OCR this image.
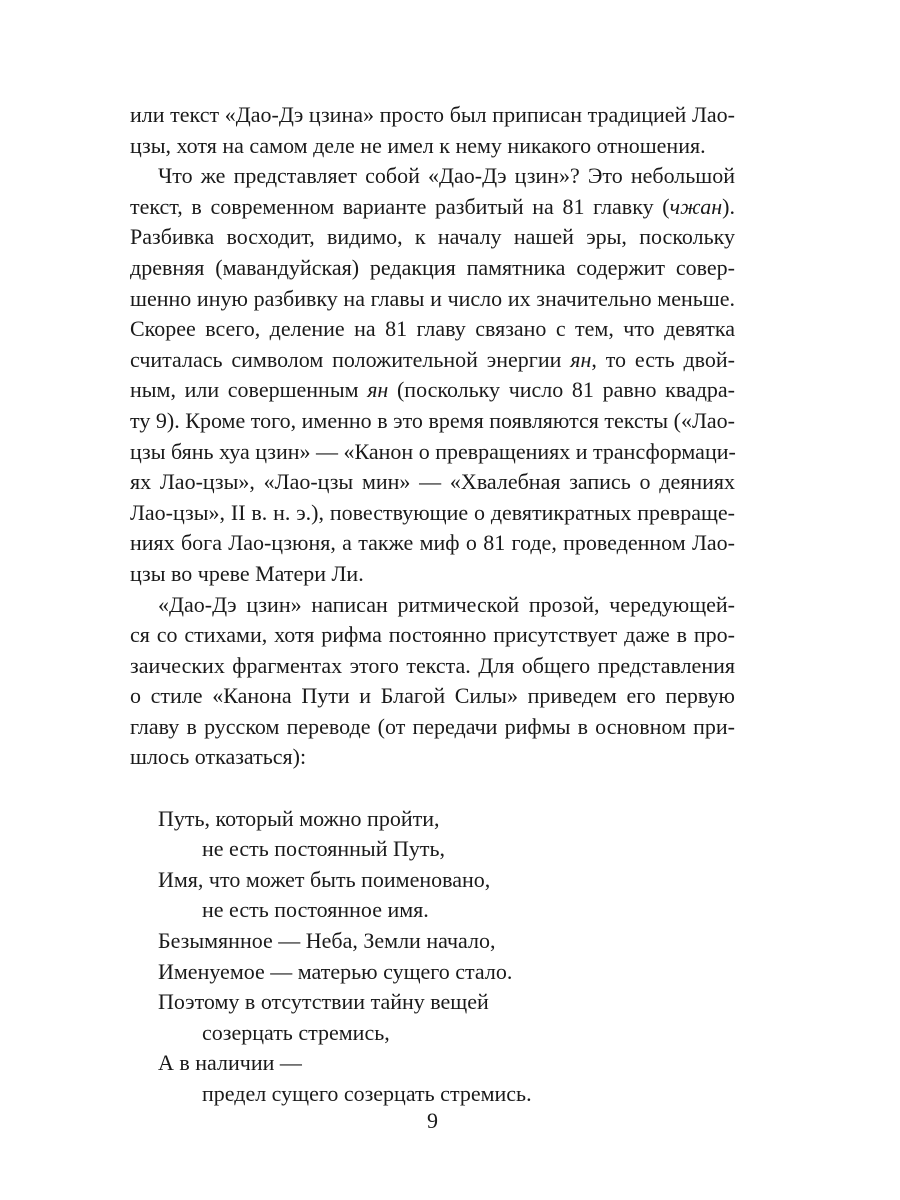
или текст «Дао-Дэ цзина» просто был приписан традицией Лао-
цзы, хотя на самом деле не имел к нему никакого отношения.
Что же представляет собой «Дао-Дэ цзин»? Это небольшой
текст, в современном варианте разбитый на 81 главку (чжан).
Разбивка восходит, видимо, к началу нашей эры, поскольку
древняя (мавандуйская) редакция памятника содержит совер-
шенно иную разбивку на главы и число их значительно меньше.
Скорее всего, деление на 81 главу связано с тем, что девятка
считалась символом положительной энергии ян, то есть двой-
ным, или совершенным ян (поскольку число 81 равно квадра-
ту 9). Кроме того, именно в это время появляются тексты («Лао-
цзы бянь хуа цзин» — «Канон о превращениях и трансформаци-
ях Лао-цзы», «Лао-цзы мин» — «Хвалебная запись о деяниях
Лао-цзы», II в. н. э.), повествующие о девятикратных превраще-
ниях бога Лао-цзюня, а также миф о 81 годе, проведенном Лао-
цзы во чреве Матери Ли.
«Дао-Дэ цзин» написан ритмической прозой, чередующей-
ся со стихами, хотя рифма постоянно присутствует даже в про-
заических фрагментах этого текста. Для общего представления
о стиле «Канона Пути и Благой Силы» приведем его первую
главу в русском переводе (от передачи рифмы в основном при-
шлось отказаться):
Путь, который можно пройти,
не есть постоянный Путь,
Имя, что может быть поименовано,
не есть постоянное имя.
Безымянное — Неба, Земли начало,
Именуемое — матерью сущего стало.
Поэтому в отсутствии тайну вещей
созерцать стремись,
А в наличии —
предел сущего созерцать стремись.
9
